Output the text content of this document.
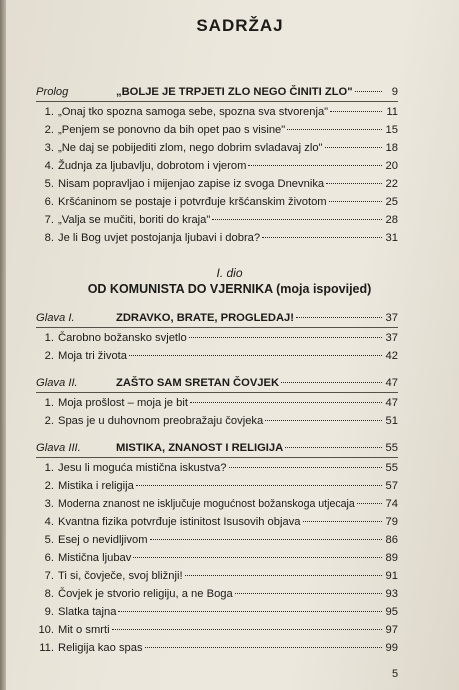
SADRŽAJ
Prolog	„BOLJE JE TRPJETI ZLO NEGO ČINITI ZLO"	9
1. „Onaj tko spozna samoga sebe, spozna sva stvorenja"	11
2. „Penjem se ponovno da bih opet pao s visine"	15
3. „Ne daj se pobijediti zlom, nego dobrim svladavaj zlo"	18
4. Žudnja za ljubavlju, dobrotom i vjerom	20
5. Nisam popravljao i mijenjao zapise iz svoga Dnevnika	22
6. Kršćaninom se postaje i potvrđuje kršćanskim životom	25
7. „Valja se mučiti, boriti do kraja"	28
8. Je li Bog uvjet postojanja ljubavi i dobra?	31
I. dio
OD KOMUNISTA DO VJERNIKA (moja ispovijed)
Glava I.	ZDRAVKO, BRATE, PROGLEDAJ!	37
1. Čarobno božansko svjetlo	37
2. Moja tri života	42
Glava II.	ZAŠTO SAM SRETAN ČOVJEK	47
1. Moja prošlost – moja je bit	47
2. Spas je u duhovnom preobražaju čovjeka	51
Glava III.	MISTIKA, ZNANOST I RELIGIJA	55
1. Jesu li moguća mistična iskustva?	55
2. Mistika i religija	57
3. Moderna znanost ne isključuje mogućnost božanskoga utjecaja	74
4. Kvantna fizika potvrđuje istinitost Isusovih objava	79
5. Esej o nevidljivom	86
6. Mistična ljubav	89
7. Ti si, čovječe, svoj bližnji!	91
8. Čovjek je stvorio religiju, a ne Boga	93
9. Slatka tajna	95
10. Mit o smrti	97
11. Religija kao spas	99
5
